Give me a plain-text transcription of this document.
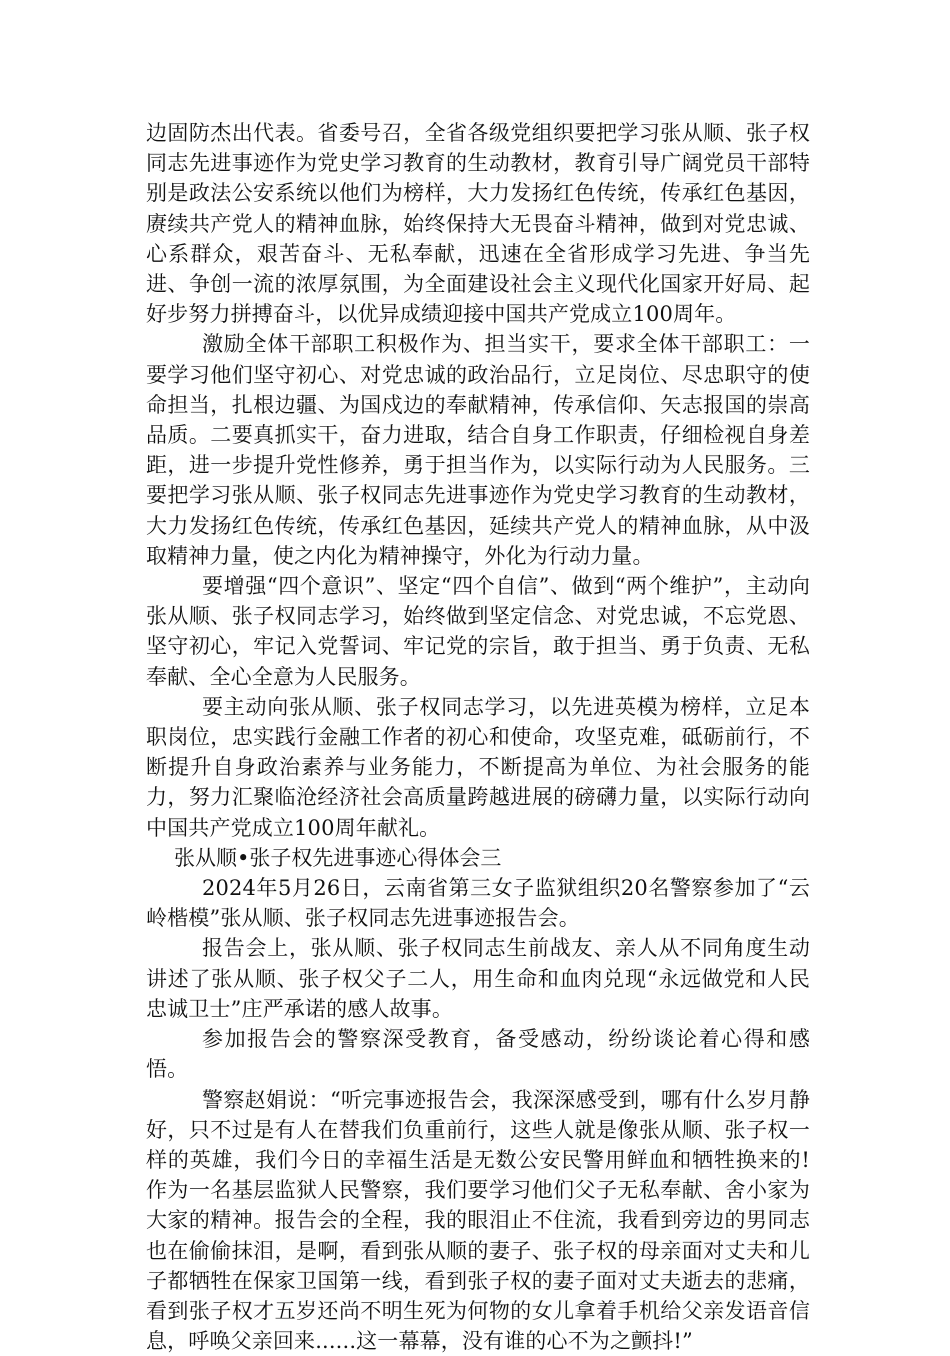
边固防杰出代表。省委号召，全省各级党组织要把学习张从顺、张子权同志先进事迹作为党史学习教育的生动教材，教育引导广阔党员干部特别是政法公安系统以他们为榜样，大力发扬红色传统，传承红色基因，赓续共产党人的精神血脉，始终保持大无畏奋斗精神，做到对党忠诚、心系群众，艰苦奋斗、无私奉献，迅速在全省形成学习先进、争当先进、争创一流的浓厚氛围，为全面建设社会主义现代化国家开好局、起好步努力拼搏奋斗，以优异成绩迎接中国共产党成立100周年。

激励全体干部职工积极作为、担当实干，要求全体干部职工：一要学习他们坚守初心、对党忠诚的政治品行，立足岗位、尽忠职守的使命担当，扎根边疆、为国戍边的奉献精神，传承信仰、矢志报国的崇高品质。二要真抓实干，奋力进取，结合自身工作职责，仔细检视自身差距，进一步提升党性修养，勇于担当作为，以实际行动为人民服务。三要把学习张从顺、张子权同志先进事迹作为党史学习教育的生动教材，大力发扬红色传统，传承红色基因，延续共产党人的精神血脉，从中汲取精神力量，使之内化为精神操守，外化为行动力量。

要增强“四个意识”、坚定“四个自信”、做到“两个维护”，主动向张从顺、张子权同志学习，始终做到坚定信念、对党忠诚，不忘党恩、坚守初心，牢记入党誓词、牢记党的宗旨，敢于担当、勇于负责、无私奉献、全心全意为人民服务。

要主动向张从顺、张子权同志学习，以先进英模为榜样，立足本职岗位，忠实践行金融工作者的初心和使命，攻坚克难，砥砺前行，不断提升自身政治素养与业务能力，不断提高为单位、为社会服务的能力，努力汇聚临沧经济社会高质量跨越进展的磅礴力量，以实际行动向中国共产党成立100周年献礼。

张从顺•张子权先进事迹心得体会三

2024年5月26日，云南省第三女子监狱组织20名警察参加了“云岭楷模”张从顺、张子权同志先进事迹报告会。

报告会上，张从顺、张子权同志生前战友、亲人从不同角度生动讲述了张从顺、张子权父子二人，用生命和血肉兑现“永远做党和人民忠诚卫士”庄严承诺的感人故事。

参加报告会的警察深受教育，备受感动，纷纷谈论着心得和感悟。

警察赵娟说：“听完事迹报告会，我深深感受到，哪有什么岁月静好，只不过是有人在替我们负重前行，这些人就是像张从顺、张子权一样的英雄，我们今日的幸福生活是无数公安民警用鲜血和牺牲换来的!作为一名基层监狱人民警察，我们要学习他们父子无私奉献、舍小家为大家的精神。报告会的全程，我的眼泪止不住流，我看到旁边的男同志也在偷偷抹泪，是啊，看到张从顺的妻子、张子权的母亲面对丈夫和儿子都牺牲在保家卫国第一线，看到张子权的妻子面对丈夫逝去的悲痛，看到张子权才五岁还尚不明生死为何物的女儿拿着手机给父亲发语音信息，呼唤父亲回来......这一幕幕，没有谁的心不为之颤抖!”
